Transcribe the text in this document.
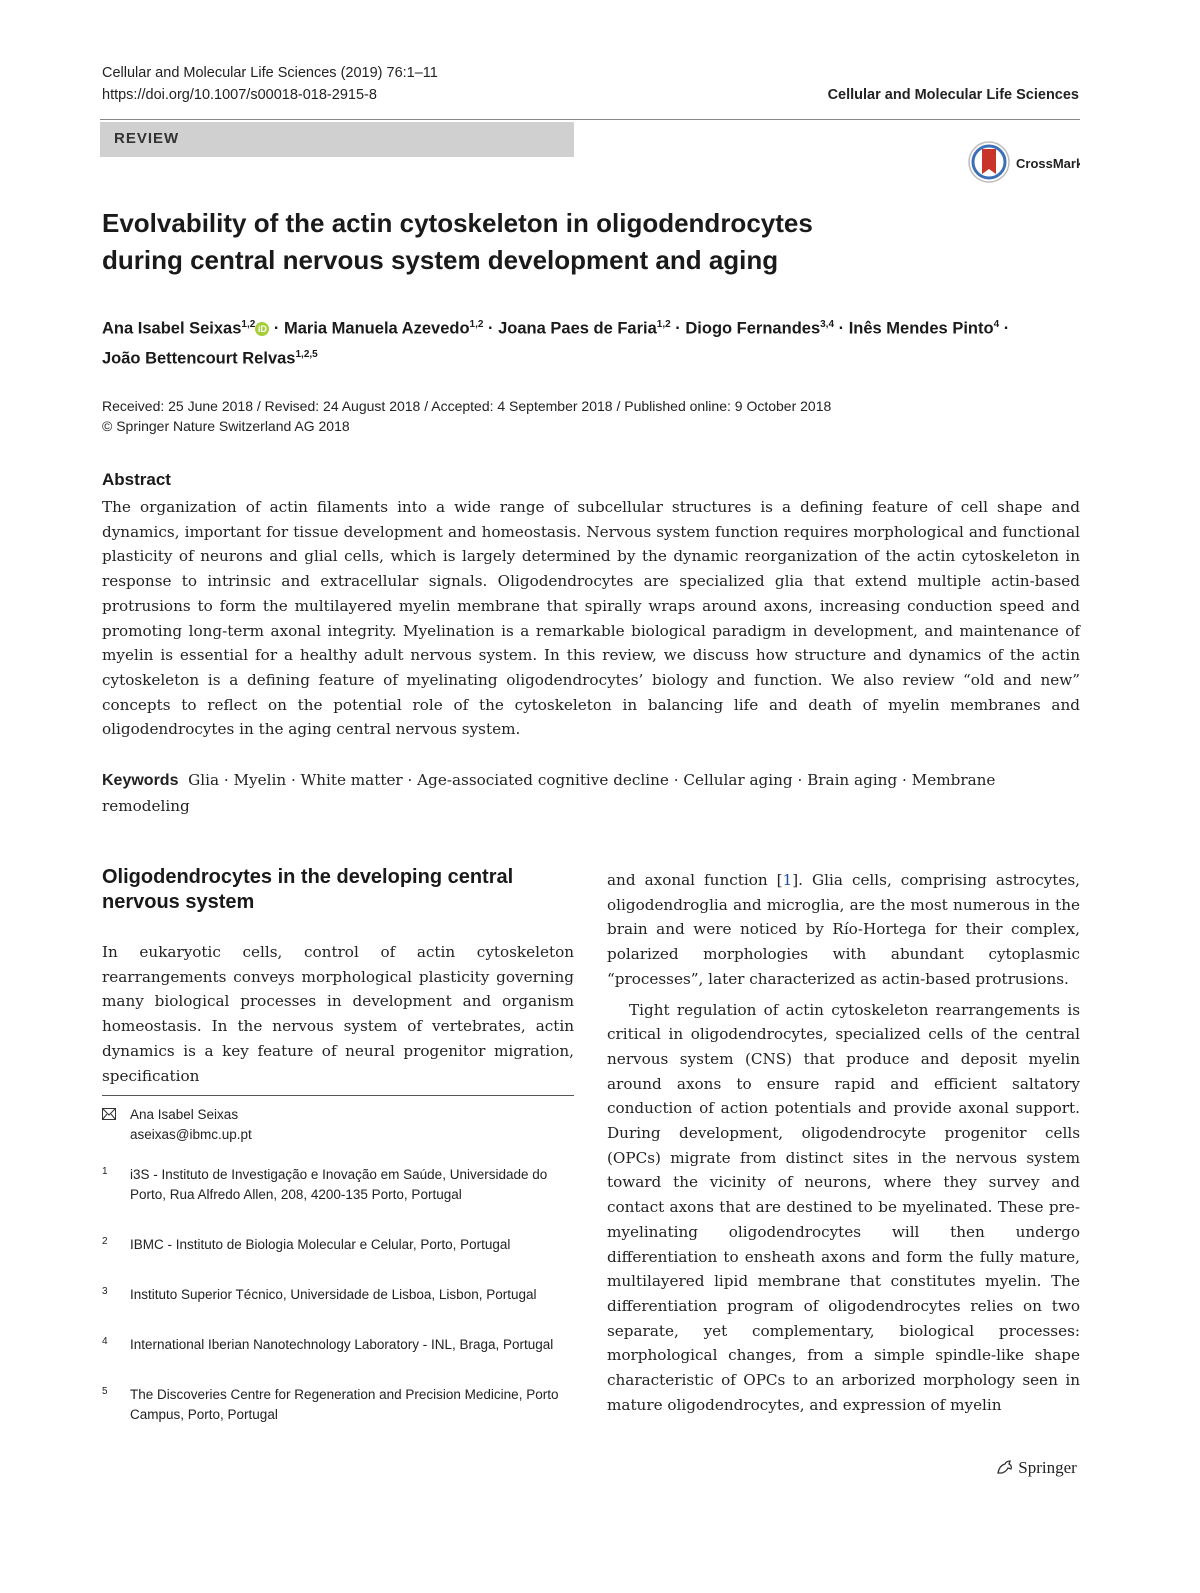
Cellular and Molecular Life Sciences (2019) 76:1–11
https://doi.org/10.1007/s00018-018-2915-8	Cellular and Molecular Life Sciences
REVIEW
CrossMark
Evolvability of the actin cytoskeleton in oligodendrocytes
during central nervous system development and aging
Ana Isabel Seixas$^{1,2}$ iD · Maria Manuela Azevedo$^{1,2}$ · Joana Paes de Faria$^{1,2}$ · Diogo Fernandes$^{3,4}$ · Inês Mendes Pinto$^4$ ·
João Bettencourt Relvas$^{1,2,5}$
Received: 25 June 2018 / Revised: 24 August 2018 / Accepted: 4 September 2018 / Published online: 9 October 2018
© Springer Nature Switzerland AG 2018
Abstract
The organization of actin filaments into a wide range of subcellular structures is a defining feature of cell shape and dynamics, important for tissue development and homeostasis. Nervous system function requires morphological and functional plasticity of neurons and glial cells, which is largely determined by the dynamic reorganization of the actin cytoskeleton in response to intrinsic and extracellular signals. Oligodendrocytes are specialized glia that extend multiple actin-based protrusions to form the multilayered myelin membrane that spirally wraps around axons, increasing conduction speed and promoting long-term axonal integrity. Myelination is a remarkable biological paradigm in development, and maintenance of myelin is essential for a healthy adult nervous system. In this review, we discuss how structure and dynamics of the actin cytoskeleton is a defining feature of myelinating oligodendrocytes’ biology and function. We also review “old and new” concepts to reflect on the potential role of the cytoskeleton in balancing life and death of myelin membranes and oligodendrocytes in the aging central nervous system.
Keywords Glia · Myelin · White matter · Age-associated cognitive decline · Cellular aging · Brain aging · Membrane remodeling
Oligodendrocytes in the developing central nervous system

In eukaryotic cells, control of actin cytoskeleton rearrangements conveys morphological plasticity governing many biological processes in development and organism homeostasis. In the nervous system of vertebrates, actin dynamics is a key feature of neural progenitor migration, specification

and axonal function [1]. Glia cells, comprising astrocytes, oligodendroglia and microglia, are the most numerous in the brain and were noticed by Río-Hortega for their complex, polarized morphologies with abundant cytoplasmic “processes”, later characterized as actin-based protrusions.

Tight regulation of actin cytoskeleton rearrangements is critical in oligodendrocytes, specialized cells of the central nervous system (CNS) that produce and deposit myelin around axons to ensure rapid and efficient saltatory conduction of action potentials and provide axonal support. During development, oligodendrocyte progenitor cells (OPCs) migrate from distinct sites in the nervous system toward the vicinity of neurons, where they survey and contact axons that are destined to be myelinated. These pre-myelinating oligodendrocytes will then undergo differentiation to ensheath axons and form the fully mature, multilayered lipid membrane that constitutes myelin. The differentiation program of oligodendrocytes relies on two separate, yet complementary, biological processes: morphological changes, from a simple spindle-like shape characteristic of OPCs to an arborized morphology seen in mature oligodendrocytes, and expression of myelin

Ana Isabel Seixas
aseixas@ibmc.up.pt
1 i3S - Instituto de Investigação e Inovação em Saúde, Universidade do Porto, Rua Alfredo Allen, 208, 4200-135 Porto, Portugal
2 IBMC - Instituto de Biologia Molecular e Celular, Porto, Portugal
3 Instituto Superior Técnico, Universidade de Lisboa, Lisbon, Portugal
4 International Iberian Nanotechnology Laboratory - INL, Braga, Portugal
5 The Discoveries Centre for Regeneration and Precision Medicine, Porto Campus, Porto, Portugal
Springer
